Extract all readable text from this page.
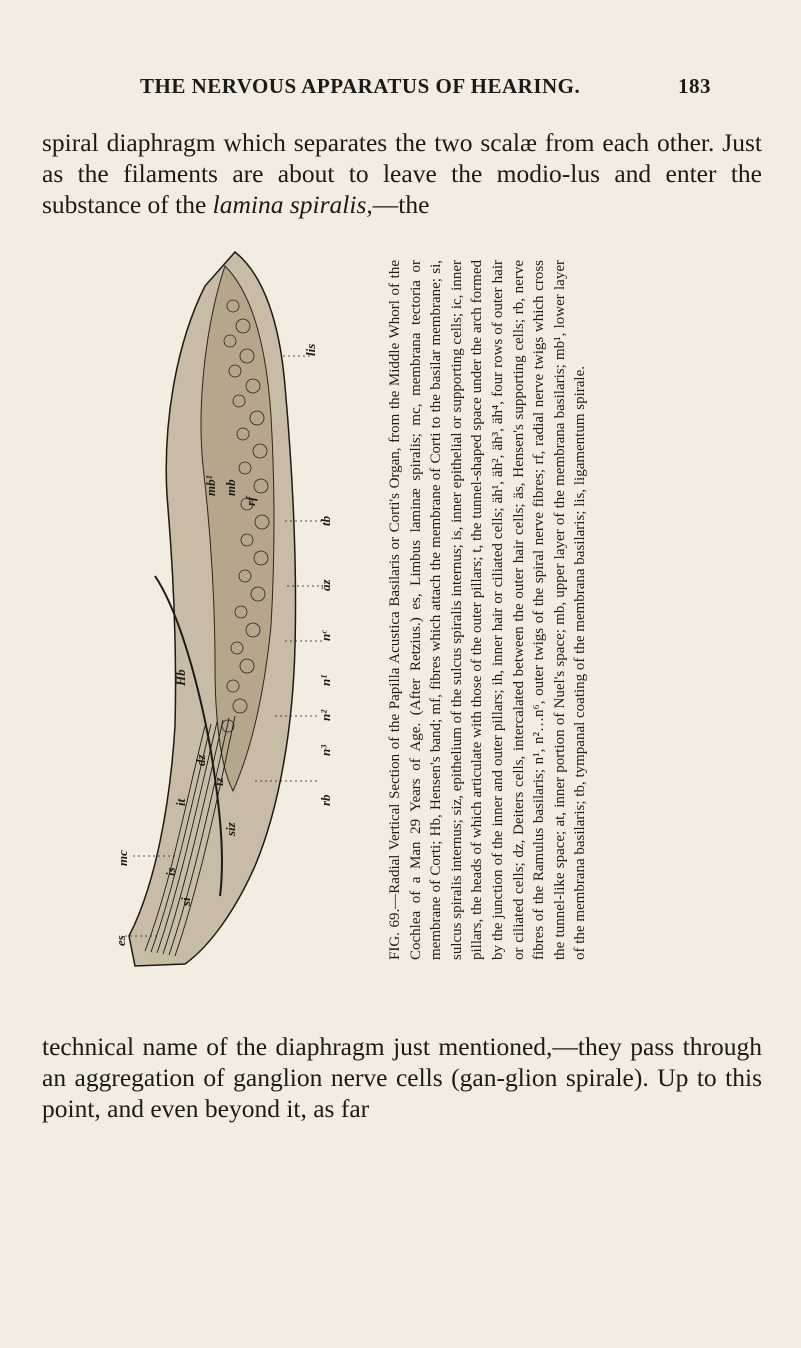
THE NERVOUS APPARATUS OF HEARING.	183

spiral diaphragm which separates the two scalæ from each other. Just as the filaments are about to leave the modio-lus and enter the substance of the lamina spiralis,—the

lis
mb
mb¹
rf
tb
äz
nᶜ
n¹
Hb
n²
n³
dz
rb
iz
siz
it
mc
is
es
si	FIG. 69.—Radial Vertical Section of the Papilla Acustica Basilaris or Corti's Organ, from the Middle Whorl of the Cochlea of a Man 29 Years of Age. (After Retzius.) es, Limbus laminæ spiralis; mc, membrana tectoria or membrane of Corti; Hb, Hensen's band; mf, fibres which attach the membrane of Corti to the basilar membrane; si, sulcus spiralis internus; siz, epithelium of the sulcus spiralis internus; is, inner epithelial or supporting cells; ic, inner pillars, the heads of which articulate with those of the outer pillars; t, the tunnel-shaped space under the arch formed by the junction of the inner and outer pillars; ih, inner hair or ciliated cells; äh¹, äh², äh³, äh⁴, four rows of outer hair or ciliated cells; dz, Deiters cells, intercalated between the outer hair cells; äs, Hensen's supporting cells; rb, nerve fibres of the Ramulus basilaris; n¹, n²…n⁶, outer twigs of the spiral nerve fibres; rf, radial nerve twigs which cross the tunnel-like space; at, inner portion of Nuel's space; mb, upper layer of the membrana basilaris; mb¹, lower layer of the membrana basilaris; tb, tympanal coating of the membrana basilaris; lis, ligamentum spirale.

technical name of the diaphragm just mentioned,—they pass through an aggregation of ganglion nerve cells (gan-glion spirale). Up to this point, and even beyond it, as far
